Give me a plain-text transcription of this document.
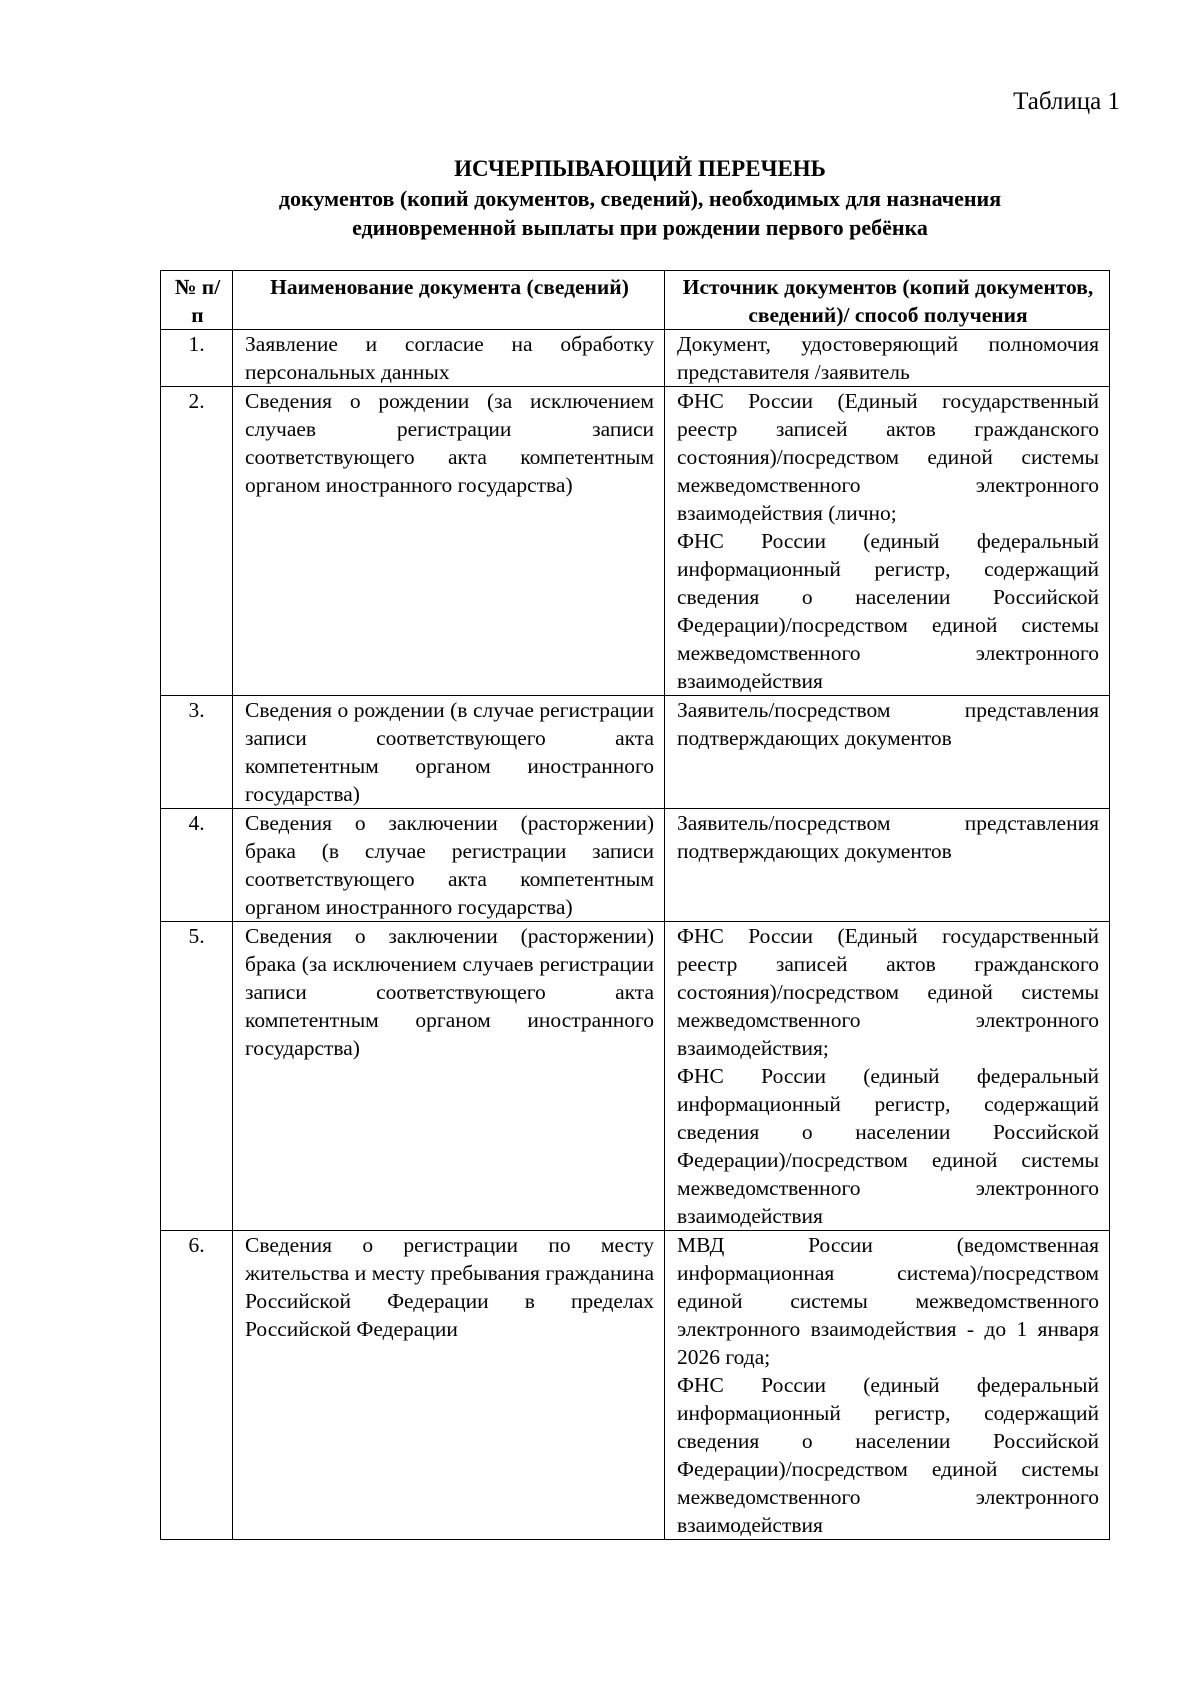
Таблица 1
ИСЧЕРПЫВАЮЩИЙ ПЕРЕЧЕНЬ
документов (копий документов, сведений), необходимых для назначения
единовременной выплаты при рождении первого ребёнка
№ п/п	Наименование документа (сведений)	Источник документов (копий документов, сведений)/ способ получения
1.	Заявление и согласие на обработку персональных данных	Документ, удостоверяющий полномочия представителя /заявитель

2.	Сведения о рождении (за исключением случаев регистрации записи соответствующего акта компетентным органом иностранного государства)	ФНС России (Единый государственный реестр записей актов гражданского состояния)/посредством единой системы межведомственного электронного взаимодействия (лично;
ФНС России (единый федеральный информационный регистр, содержащий сведения о населении Российской Федерации)/посредством единой системы межведомственного электронного взаимодействия

3.	Сведения о рождении (в случае регистрации записи соответствующего акта компетентным органом иностранного государства)	Заявитель/посредством представления подтверждающих документов

4.	Сведения о заключении (расторжении) брака (в случае регистрации записи соответствующего акта компетентным органом иностранного государства)	Заявитель/посредством представления подтверждающих документов

5.	Сведения о заключении (расторжении) брака (за исключением случаев регистрации записи соответствующего акта компетентным органом иностранного государства)	ФНС России (Единый государственный реестр записей актов гражданского состояния)/посредством единой системы межведомственного электронного взаимодействия;
ФНС России (единый федеральный информационный регистр, содержащий сведения о населении Российской Федерации)/посредством единой системы межведомственного электронного взаимодействия

6.	Сведения о регистрации по месту жительства и месту пребывания гражданина Российской Федерации в пределах Российской Федерации	МВД России (ведомственная информационная система)/посредством единой системы межведомственного электронного взаимодействия - до 1 января 2026 года;
ФНС России (единый федеральный информационный регистр, содержащий сведения о населении Российской Федерации)/посредством единой системы межведомственного электронного взаимодействия
